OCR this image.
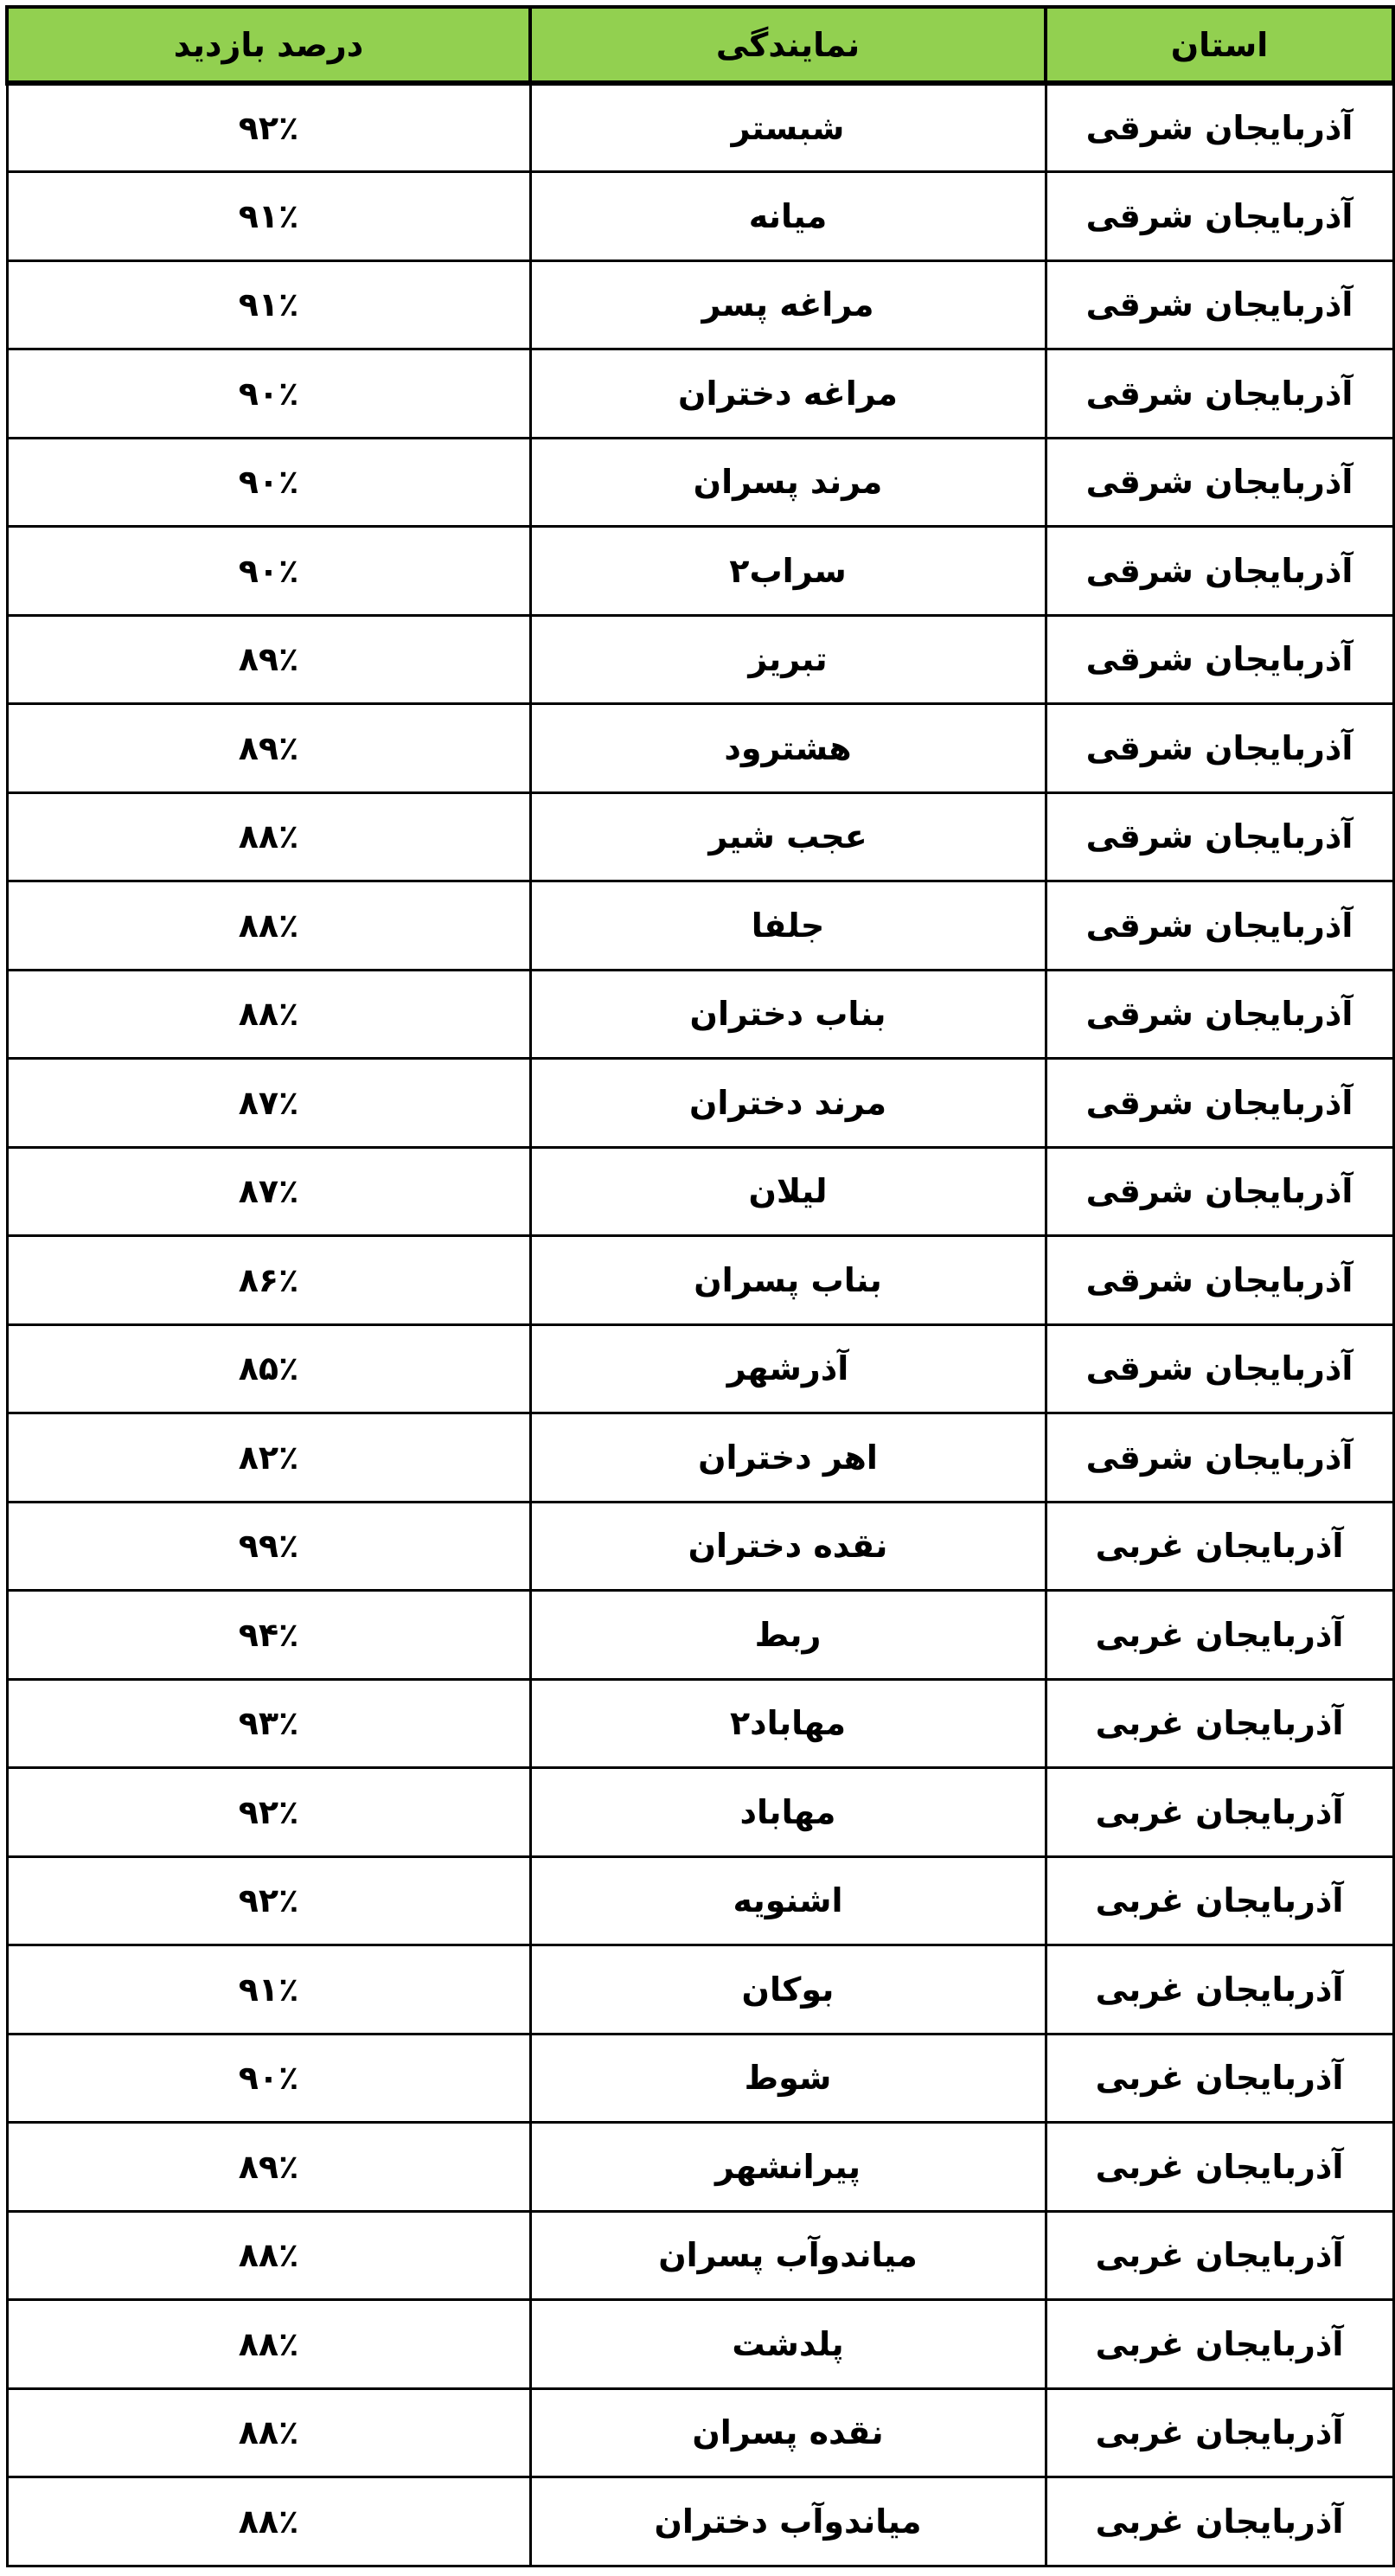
استان	نمایندگی	درصد بازدید
آذربایجان شرقی	شبستر	۹۲٪
آذربایجان شرقی	میانه	۹۱٪
آذربایجان شرقی	مراغه پسر	۹۱٪
آذربایجان شرقی	مراغه دختران	۹۰٪
آذربایجان شرقی	مرند پسران	۹۰٪
آذربایجان شرقی	سراب۲	۹۰٪
آذربایجان شرقی	تبریز	۸۹٪
آذربایجان شرقی	هشترود	۸۹٪
آذربایجان شرقی	عجب شیر	۸۸٪
آذربایجان شرقی	جلفا	۸۸٪
آذربایجان شرقی	بناب دختران	۸۸٪
آذربایجان شرقی	مرند دختران	۸۷٪
آذربایجان شرقی	لیلان	۸۷٪
آذربایجان شرقی	بناب پسران	۸۶٪
آذربایجان شرقی	آذرشهر	۸۵٪
آذربایجان شرقی	اهر دختران	۸۲٪
آذربایجان غربی	نقده دختران	۹۹٪
آذربایجان غربی	ربط	۹۴٪
آذربایجان غربی	مهاباد۲	۹۳٪
آذربایجان غربی	مهاباد	۹۲٪
آذربایجان غربی	اشنویه	۹۲٪
آذربایجان غربی	بوکان	۹۱٪
آذربایجان غربی	شوط	۹۰٪
آذربایجان غربی	پیرانشهر	۸۹٪
آذربایجان غربی	میاندوآب پسران	۸۸٪
آذربایجان غربی	پلدشت	۸۸٪
آذربایجان غربی	نقده پسران	۸۸٪
آذربایجان غربی	میاندوآب دختران	۸۸٪
